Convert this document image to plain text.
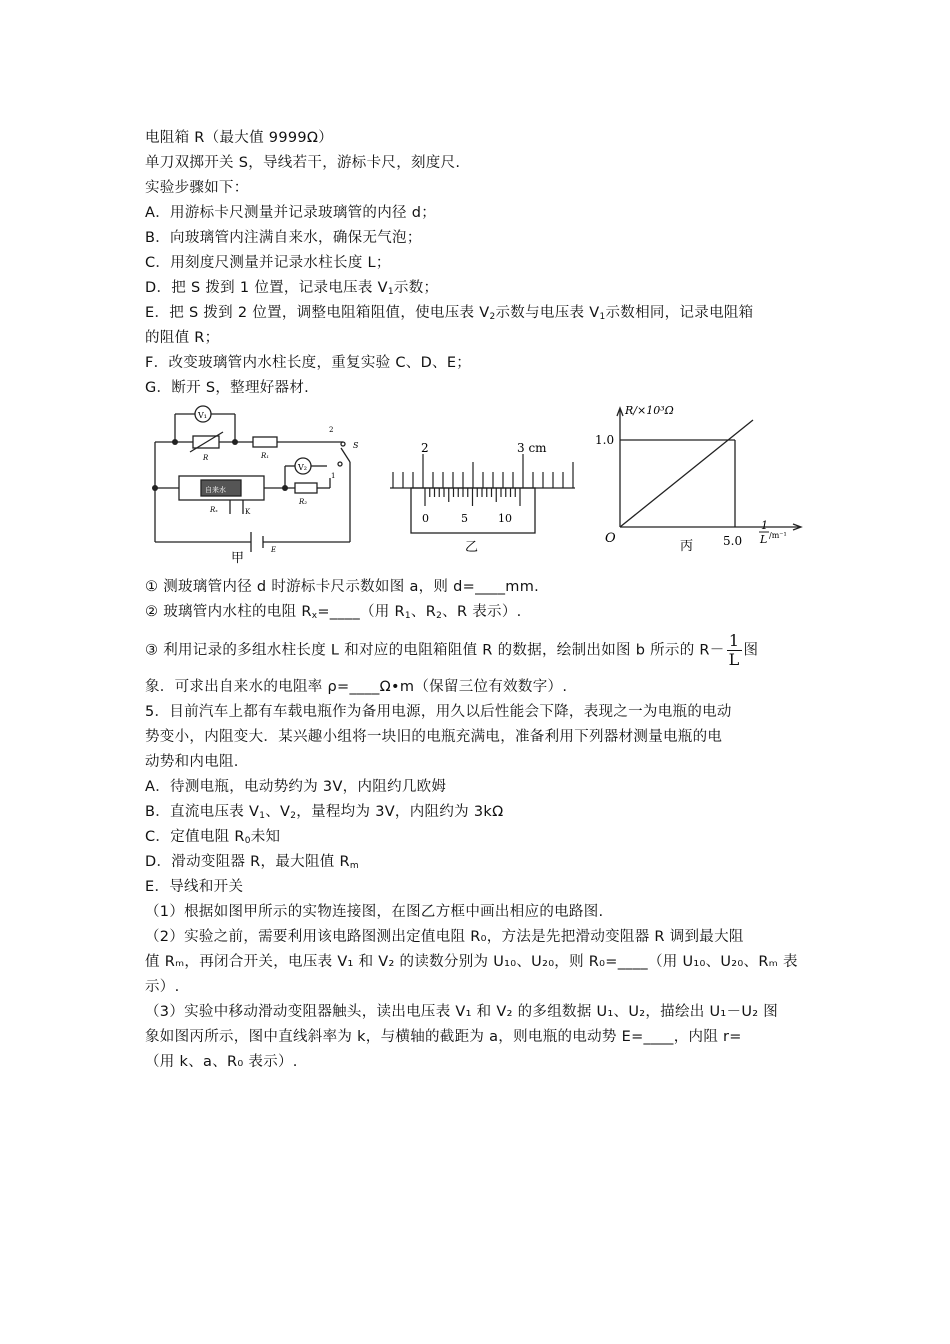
电阻箱 R（最大值 9999Ω）
单刀双掷开关 S，导线若干，游标卡尺，刻度尺.
实验步骤如下：
A．用游标卡尺测量并记录玻璃管的内径 d；
B．向玻璃管内注满自来水，确保无气泡；
C．用刻度尺测量并记录水柱长度 L；
D．把 S 拨到 1 位置，记录电压表 $V_1$示数；
E．把 S 拨到 2 位置，调整电阻箱阻值，使电压表 $V_2$示数与电压表 $V_1$示数相同，记录电阻箱
的阻值 R；
F．改变玻璃管内水柱长度，重复实验 C、D、E；
G．断开 S，整理好器材.
V₁
V₂
R	R₁
R₂
Rₓ
自来水
K
E
S
2
1
甲
2	3 cm
0	5	10
乙
R/×10³Ω
1.0
O	5.0
1
L /m⁻¹
丙
① 测玻璃管内径 d 时游标卡尺示数如图 a，则 d=____mm.
② 玻璃管内水柱的电阻 $R_x=\_\_\_\_$（用 $R_1$、$R_2$、R 表示）.
③ 利用记录的多组水柱长度 L 和对应的电阻箱阻值 R 的数据，绘制出如图 b 所示的 $R- \frac{1}{L}$ 图
象．可求出自来水的电阻率 ρ=____Ω•m（保留三位有效数字）.
5．目前汽车上都有车载电瓶作为备用电源，用久以后性能会下降，表现之一为电瓶的电动
势变小，内阻变大．某兴趣小组将一块旧的电瓶充满电，准备利用下列器材测量电瓶的电
动势和内电阻.
A．待测电瓶，电动势约为 3V，内阻约几欧姆
B．直流电压表 $V_1$、$V_2$，量程均为 3V，内阻约为 3kΩ
C．定值电阻 $R_0$未知
D．滑动变阻器 R，最大阻值 $R_m$
E．导线和开关
（1）根据如图甲所示的实物连接图，在图乙方框中画出相应的电路图.
（2）实验之前，需要利用该电路图测出定值电阻 R₀，方法是先把滑动变阻器 R 调到最大阻
值 Rₘ，再闭合开关，电压表 V₁ 和 V₂ 的读数分别为 U₁₀、U₂₀，则 R₀=____（用 U₁₀、U₂₀、Rₘ 表
示）.
（3）实验中移动滑动变阻器触头，读出电压表 V₁ 和 V₂ 的多组数据 U₁、U₂，描绘出 U₁－U₂ 图
象如图丙所示，图中直线斜率为 k，与横轴的截距为 a，则电瓶的电动势 E=____，内阻 r=
（用 k、a、R₀ 表示）.
